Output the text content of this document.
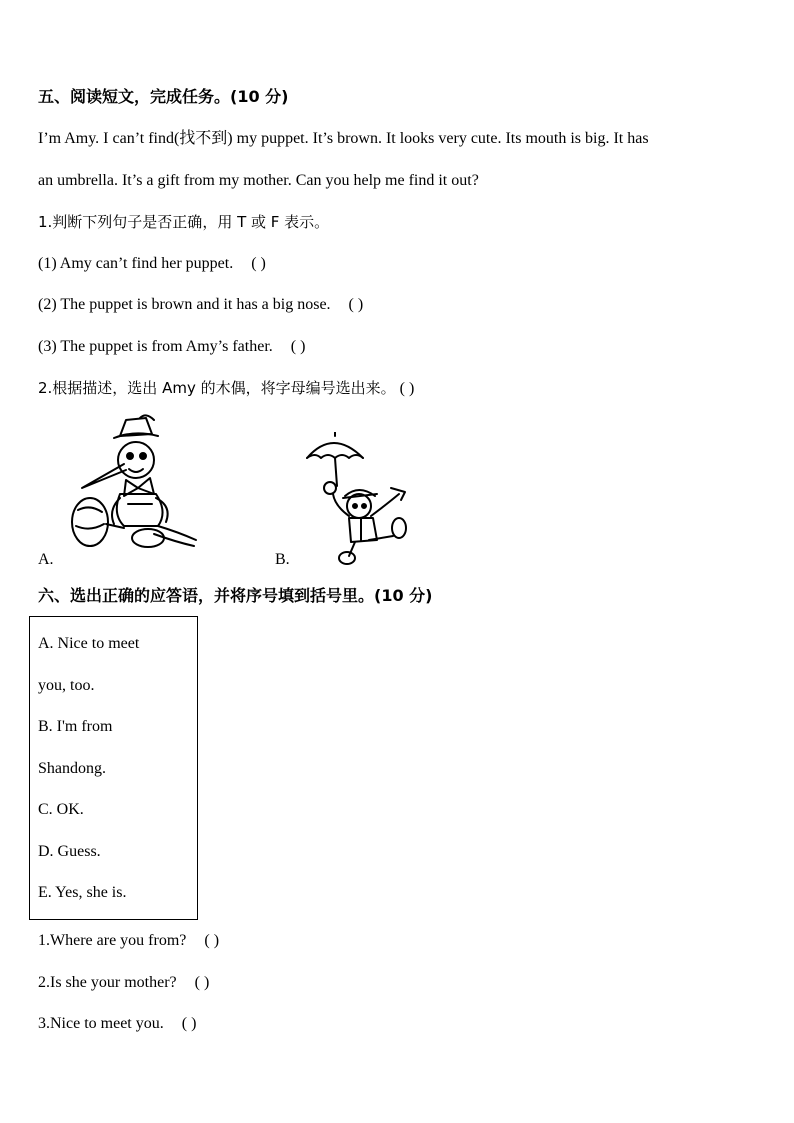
五、阅读短文，完成任务。(10 分)
I’m Amy. I can’t find(找不到) my puppet. It’s brown. It looks very cute. Its mouth is big. It has
an umbrella. It’s a gift from my mother. Can you help me find it out?
1.判断下列句子是否正确，用 T 或 F 表示。
(1) Amy can’t find her puppet. ( )
(2) The puppet is brown and it has a big nose. ( )
(3) The puppet is from Amy’s father. ( )
2.根据描述，选出 Amy 的木偶，将字母编号选出来。 ( )
A.	B.
六、选出正确的应答语，并将序号填到括号里。(10 分)
A. Nice to meet
you, too.
B. I'm from
Shandong.
C. OK.
D. Guess.
E. Yes, she is.
1.Where are you from? ( )
2.Is she your mother? ( )
3.Nice to meet you. ( )
